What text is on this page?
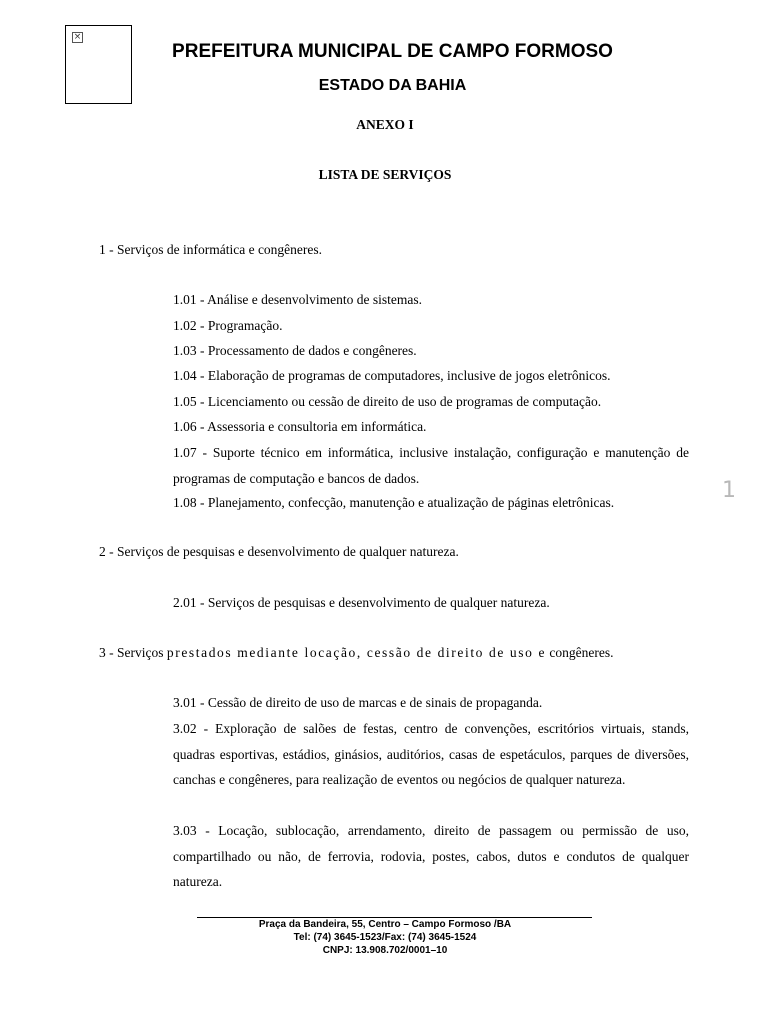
×
PREFEITURA MUNICIPAL DE CAMPO FORMOSO
ESTADO DA BAHIA
ANEXO I
LISTA DE SERVIÇOS
1 - Serviços de informática e congêneres.
1.01 - Análise e desenvolvimento de sistemas.
1.02 - Programação.
1.03 - Processamento de dados e congêneres.
1.04 - Elaboração de programas de computadores, inclusive de jogos eletrônicos.
1.05 - Licenciamento ou cessão de direito de uso de programas de computação.
1.06 - Assessoria e consultoria em informática.
1.07 - Suporte técnico em informática, inclusive instalação, configuração e manutenção de programas de computação e bancos de dados.
1.08 - Planejamento, confecção, manutenção e atualização de páginas eletrônicas.	1
2 - Serviços de pesquisas e desenvolvimento de qualquer natureza.
2.01 - Serviços de pesquisas e desenvolvimento de qualquer natureza.
3 - Serviços prestados mediante locação, cessão de direito de uso e congêneres.
3.01 - Cessão de direito de uso de marcas e de sinais de propaganda.
3.02 - Exploração de salões de festas, centro de convenções, escritórios virtuais, stands, quadras esportivas, estádios, ginásios, auditórios, casas de espetáculos, parques de diversões, canchas e congêneres, para realização de eventos ou negócios de qualquer natureza.
3.03 - Locação, sublocação, arrendamento, direito de passagem ou permissão de uso, compartilhado ou não, de ferrovia, rodovia, postes, cabos, dutos e condutos de qualquer natureza.
Praça da Bandeira, 55, Centro – Campo Formoso /BA
Tel: (74) 3645-1523/Fax: (74) 3645-1524
CNPJ: 13.908.702/0001–10
